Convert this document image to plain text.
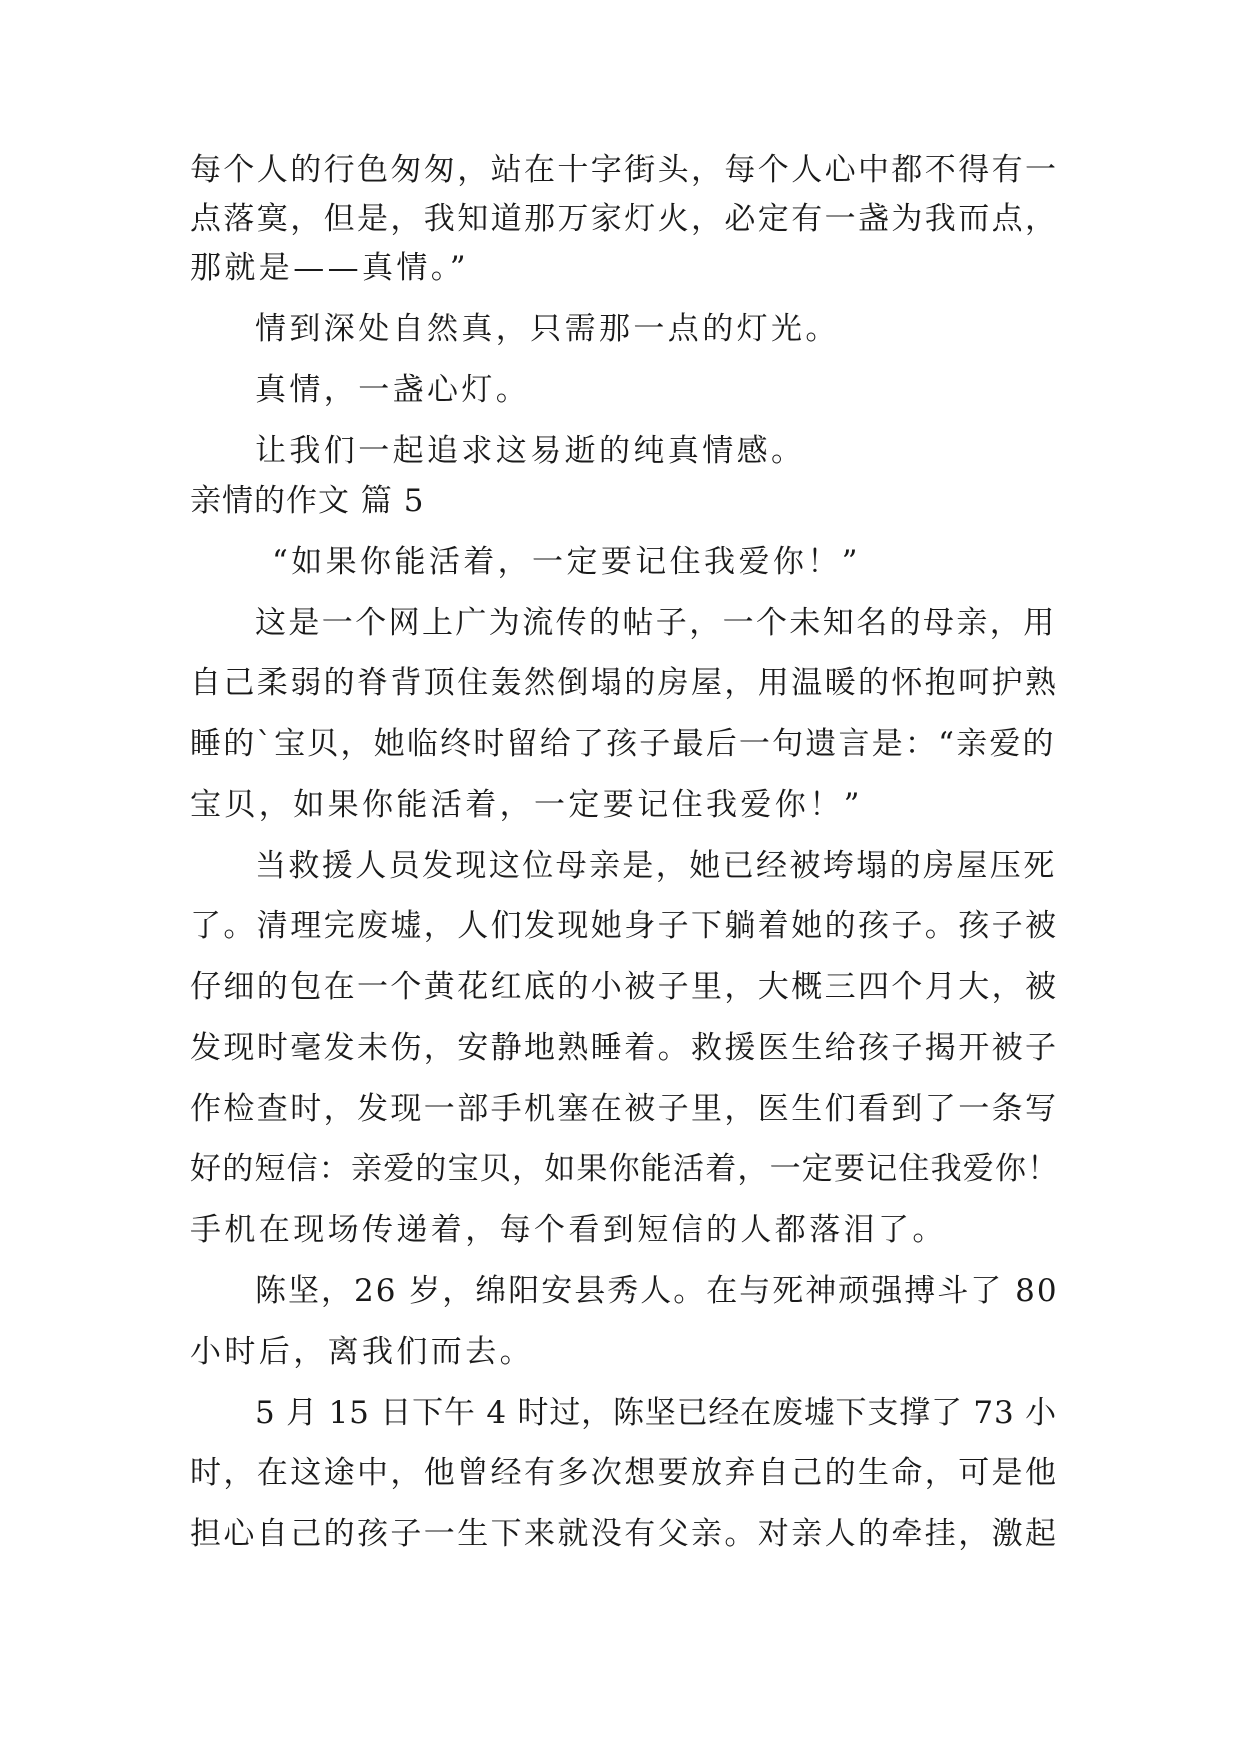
每个人的行色匆匆，站在十字街头，每个人心中都不得有一
点落寞，但是，我知道那万家灯火，必定有一盏为我而点，
那就是——真情。”
情到深处自然真，只需那一点的灯光。
真情，一盏心灯。
让我们一起追求这易逝的纯真情感。
亲情的作文 篇 5
“如果你能活着，一定要记住我爱你！”
这是一个网上广为流传的帖子，一个未知名的母亲，用
自己柔弱的脊背顶住轰然倒塌的房屋，用温暖的怀抱呵护熟
睡的`宝贝，她临终时留给了孩子最后一句遗言是：“亲爱的
宝贝，如果你能活着，一定要记住我爱你！”
当救援人员发现这位母亲是，她已经被垮塌的房屋压死
了。清理完废墟，人们发现她身子下躺着她的孩子。孩子被
仔细的包在一个黄花红底的小被子里，大概三四个月大，被
发现时毫发未伤，安静地熟睡着。救援医生给孩子揭开被子
作检查时，发现一部手机塞在被子里，医生们看到了一条写
好的短信：亲爱的宝贝，如果你能活着，一定要记住我爱你！
手机在现场传递着，每个看到短信的人都落泪了。
陈坚，26 岁，绵阳安县秀人。在与死神顽强搏斗了 80
小时后，离我们而去。
5 月 15 日下午 4 时过，陈坚已经在废墟下支撑了 73 小
时，在这途中，他曾经有多次想要放弃自己的生命，可是他
担心自己的孩子一生下来就没有父亲。对亲人的牵挂，激起
